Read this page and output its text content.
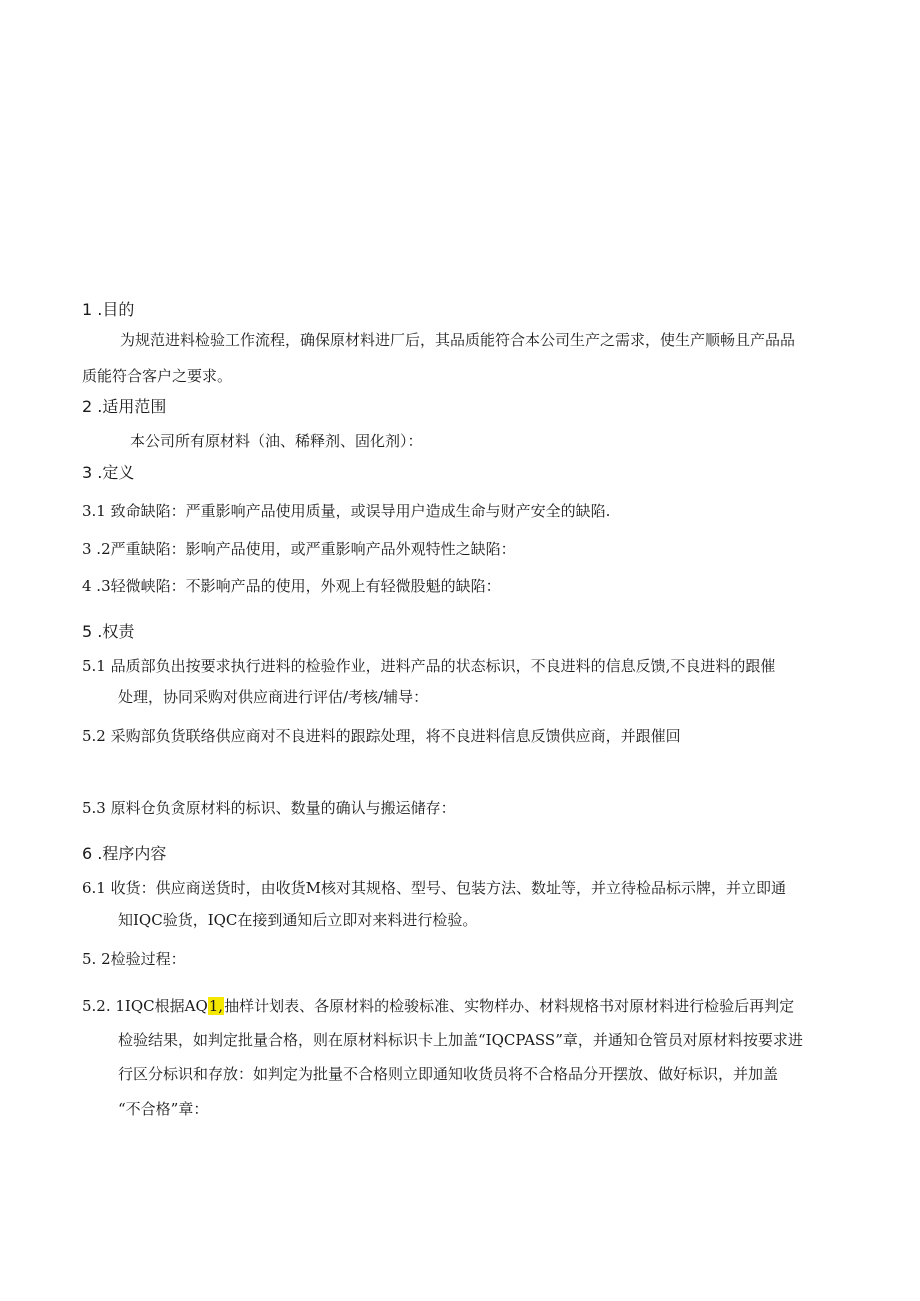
1 .目的
为规范进料检验工作流程，确保原材料进厂后，其品质能符合本公司生产之需求，使生产顺畅且产品品
质能符合客户之要求。
2 .适用范围
本公司所有原材料（油、稀释剂、固化剂）：
3 .定义
3.1 致命缺陷：严重影响产品使用质量，或误导用户造成生命与财产安全的缺陷.
3 .2严重缺陷：影响产品使用，或严重影响产品外观特性之缺陷：
4 .3轻微峡陷：不影响产品的使用，外观上有轻微股魁的缺陷：
5 .权责
5.1 品质部负出按要求执行进料的检验作业，进料产品的状态标识，不良进料的信息反馈,不良进料的跟催
处理，协同采购对供应商进行评估/考核/辅导：
5.2 采购部负货联络供应商对不良进料的跟踪处理，将不良进料信息反馈供应商，并跟催回
5.3 原料仓负贪原材料的标识、数量的确认与搬运储存：
6 .程序内容
6.1 收货：供应商送货时，由收货M核对其规格、型号、包装方法、数址等，并立待检品标示牌，并立即通
知IQC验货，IQC在接到通知后立即对来料进行检验。
5. 2检验过程：
5.2. 1IQC根据AQ1,抽样计划表、各原材料的检骏标准、实物样办、材料规格书对原材料进行检验后再判定
检验结果，如判定批量合格，则在原材料标识卡上加盖“IQCPASS”章，并通知仓管员对原材料按要求进
行区分标识和存放：如判定为批量不合格则立即通知收货员将不合格品分开摆放、做好标识，并加盖
“不合格”章：
